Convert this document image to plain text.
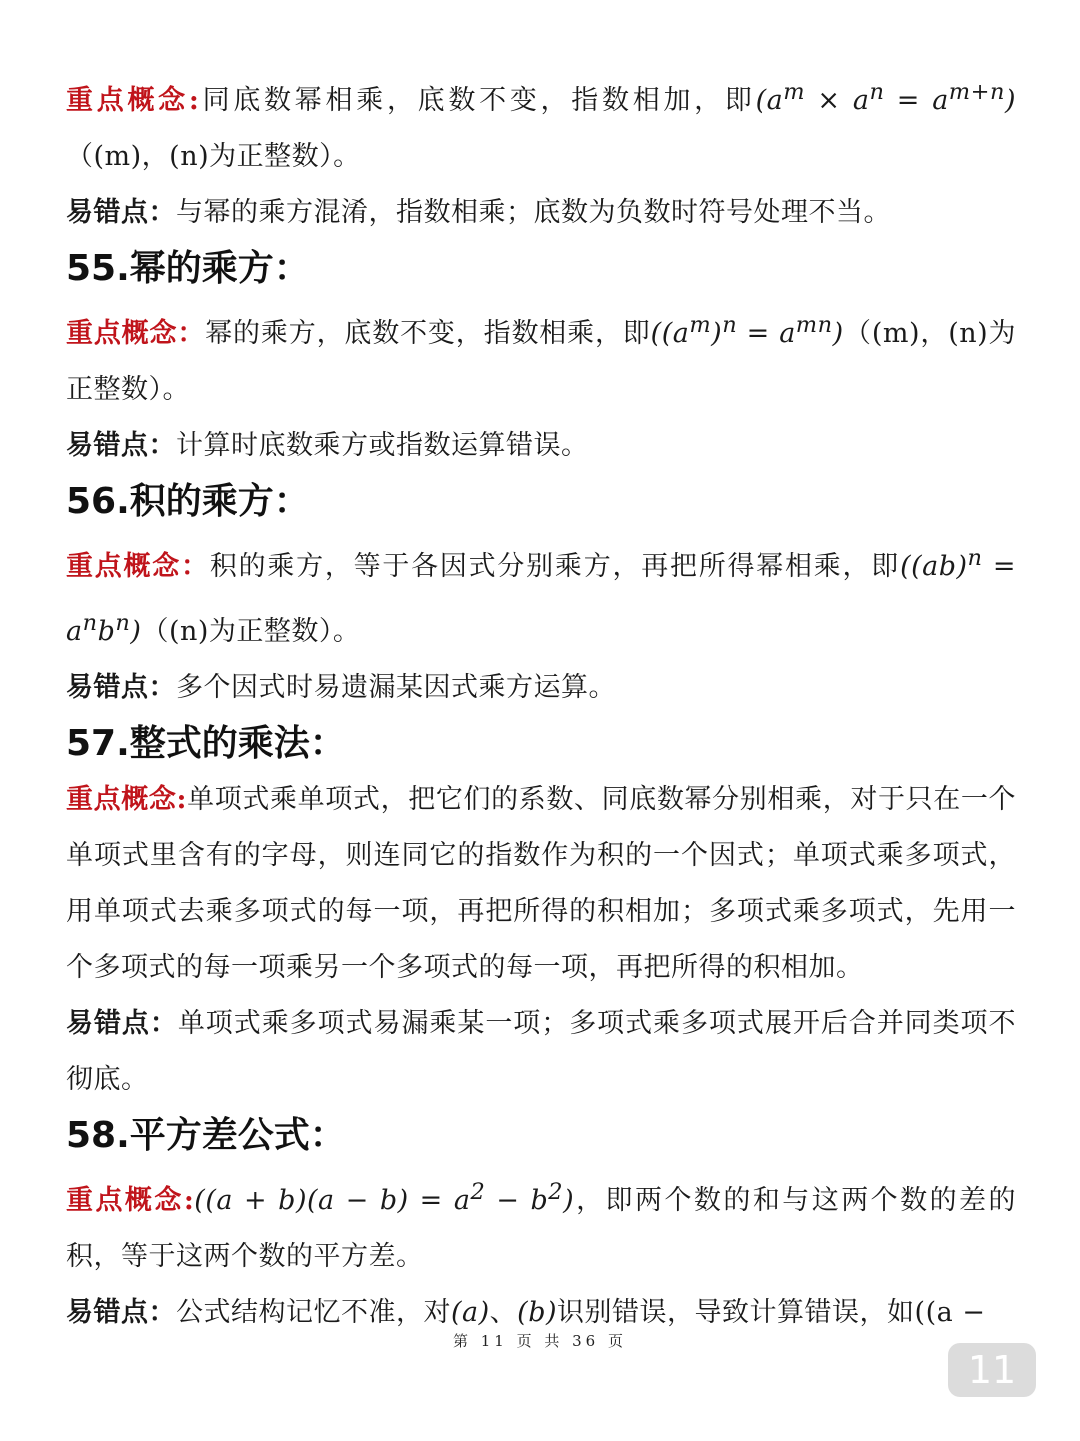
重点概念:同底数幂相乘，底数不变，指数相加，即$(a^m \times a^n = a^{m+n})((m)$，(n)为正整数）。

易错点：与幂的乘方混淆，指数相乘；底数为负数时符号处理不当。

55.幂的乘方：

重点概念：幂的乘方，底数不变，指数相乘，即$((a^m)^n = a^{mn})((m)$，(n)为正整数）。

易错点：计算时底数乘方或指数运算错误。

56.积的乘方：

重点概念：积的乘方，等于各因式分别乘方，再把所得幂相乘，即$((ab)^n = a^nb^n)((n)$为正整数）。

易错点：多个因式时易遗漏某因式乘方运算。

57.整式的乘法：

重点概念:单项式乘单项式，把它们的系数、同底数幂分别相乘，对于只在一个单项式里含有的字母，则连同它的指数作为积的一个因式；单项式乘多项式，用单项式去乘多项式的每一项，再把所得的积相加；多项式乘多项式，先用一个多项式的每一项乘另一个多项式的每一项，再把所得的积相加。

易错点：单项式乘多项式易漏乘某一项；多项式乘多项式展开后合并同类项不彻底。

58.平方差公式：

重点概念:((a + $b)(a - b) = a^2 - b^2$)，即两个数的和与这两个数的差的积，等于这两个数的平方差。

易错点：公式结构记忆不准，对(a)、(b)识别错误，导致计算错误，如((a −

第 11 页 共 36 页
11
